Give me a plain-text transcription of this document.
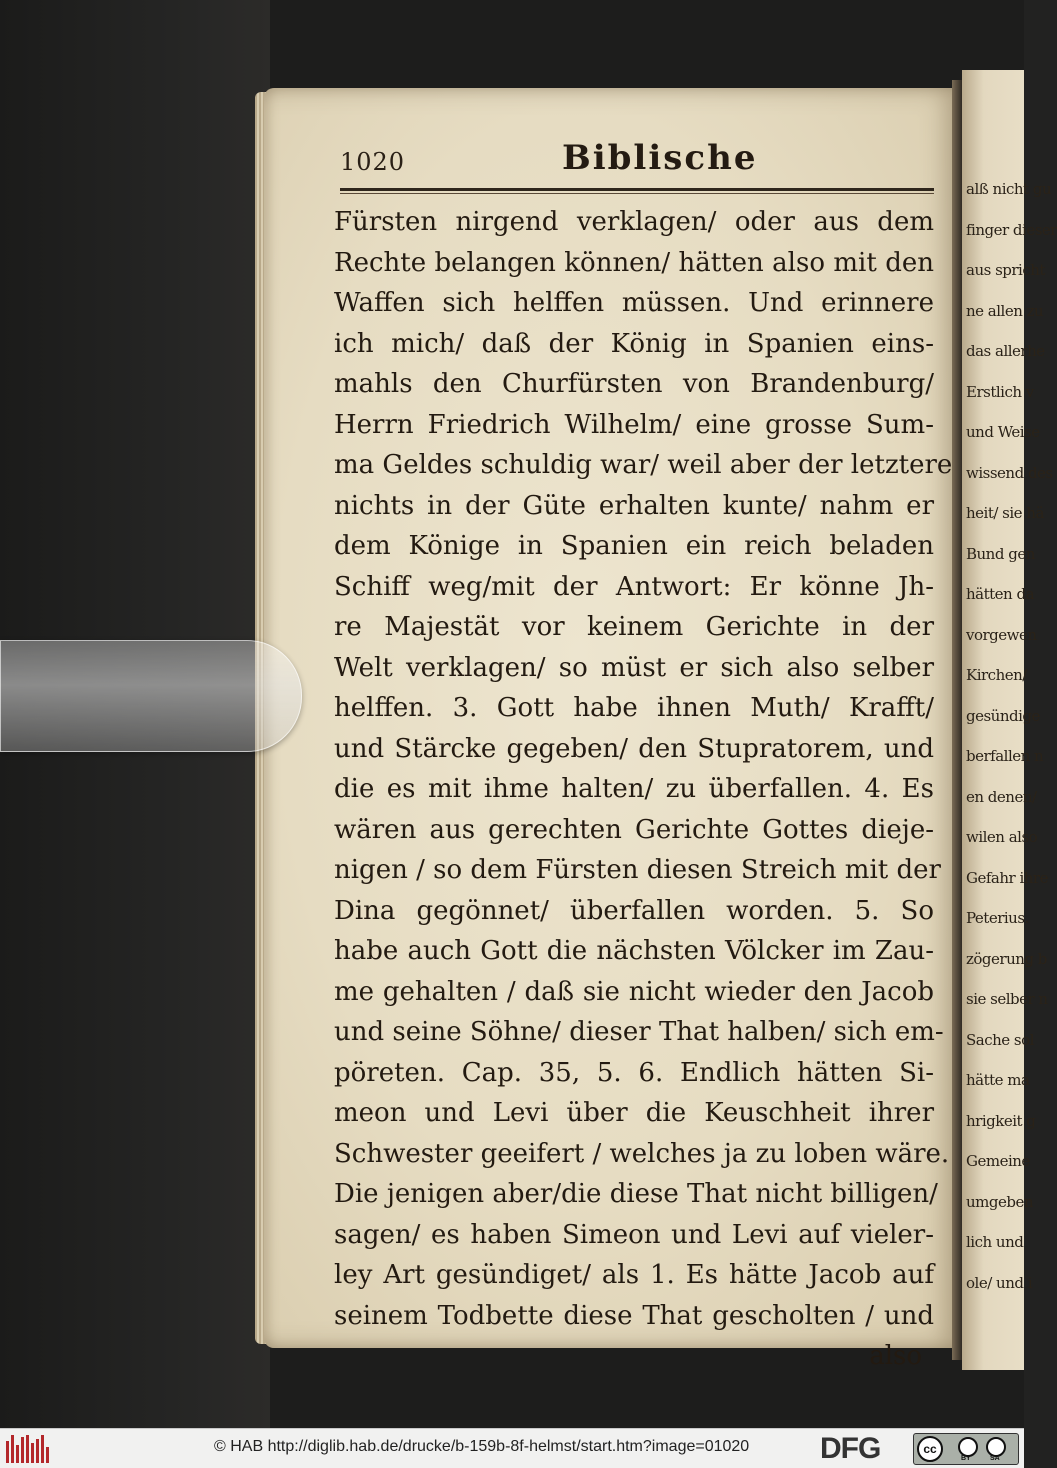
alß nicht gu
finger dieser
aus spricht
ne allen zu
das allerhe
Erstlich v
und Weise
wissend des
heit/ sie hä
Bund gen
hätten da
vorgewen
Kirchen/
gesündige
berfallen n
en denen/
wilen also
Gefahr ihre
Peterius.
zögerung b
sie selber n
Sache sol
hätte ma
hrigkeit g
Gemeine
umgeben
lich und
ole/ und i
1020	Biblische
Fürsten nirgend verklagen/ oder aus dem
Rechte belangen können/ hätten also mit den
Waffen sich helffen müssen. Und erinnere
ich mich/ daß der König in Spanien eins-
mahls den Churfürsten von Brandenburg/
Herrn Friedrich Wilhelm/ eine grosse Sum-
ma Geldes schuldig war/ weil aber der letztere
nichts in der Güte erhalten kunte/ nahm er
dem Könige in Spanien ein reich beladen
Schiff weg/mit der Antwort: Er könne Jh-
re Majestät vor keinem Gerichte in der
Welt verklagen/ so müst er sich also selber
helffen. 3. Gott habe ihnen Muth/ Krafft/
und Stärcke gegeben/ den Stupratorem, und
die es mit ihme halten/ zu überfallen. 4. Es
wären aus gerechten Gerichte Gottes dieje-
nigen / so dem Fürsten diesen Streich mit der
Dina gegönnet/ überfallen worden. 5. So
habe auch Gott die nächsten Völcker im Zau-
me gehalten / daß sie nicht wieder den Jacob
und seine Söhne/ dieser That halben/ sich em-
pöreten. Cap. 35, 5. 6. Endlich hätten Si-
meon und Levi über die Keuschheit ihrer
Schwester geeifert / welches ja zu loben wäre.
Die jenigen aber/die diese That nicht billigen/
sagen/ es haben Simeon und Levi auf vieler-
ley Art gesündiget/ als 1. Es hätte Jacob auf
seinem Todbette diese That gescholten / und
also
© HAB http://diglib.hab.de/drucke/b-159b-8f-helmst/start.htm?image=01020 DFG	cc
BY	SA
